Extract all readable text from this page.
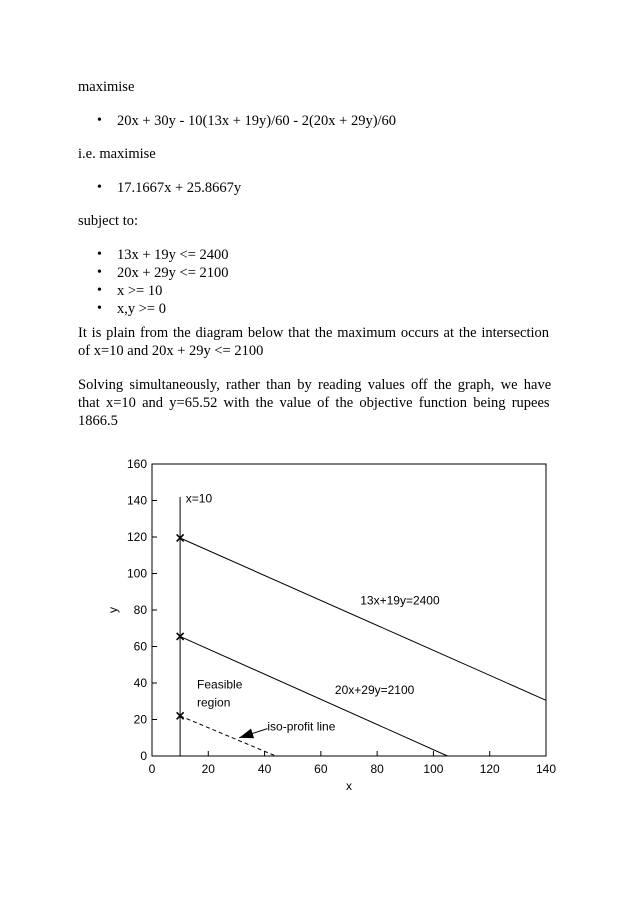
maximise
• 20x + 30y - 10(13x + 19y)/60 - 2(20x + 29y)/60
i.e. maximise
• 17.1667x + 25.8667y
subject to:
• 13x + 19y <= 2400
• 20x + 29y <= 2100
• x >= 10
• x,y >= 0
It is plain from the diagram below that the maximum occurs at the intersection
of x=10 and 20x + 29y <= 2100
Solving simultaneously, rather than by reading values off the graph, we have
that x=10 and y=65.52 with the value of the objective function being rupees
1866.5
0	20	40	60	80	100	120	140
0
20
40
60
80
100
120
140
160
x
y
x=10
13x+19y=2400
20x+29y=2100
Feasible
region
iso-profit line
